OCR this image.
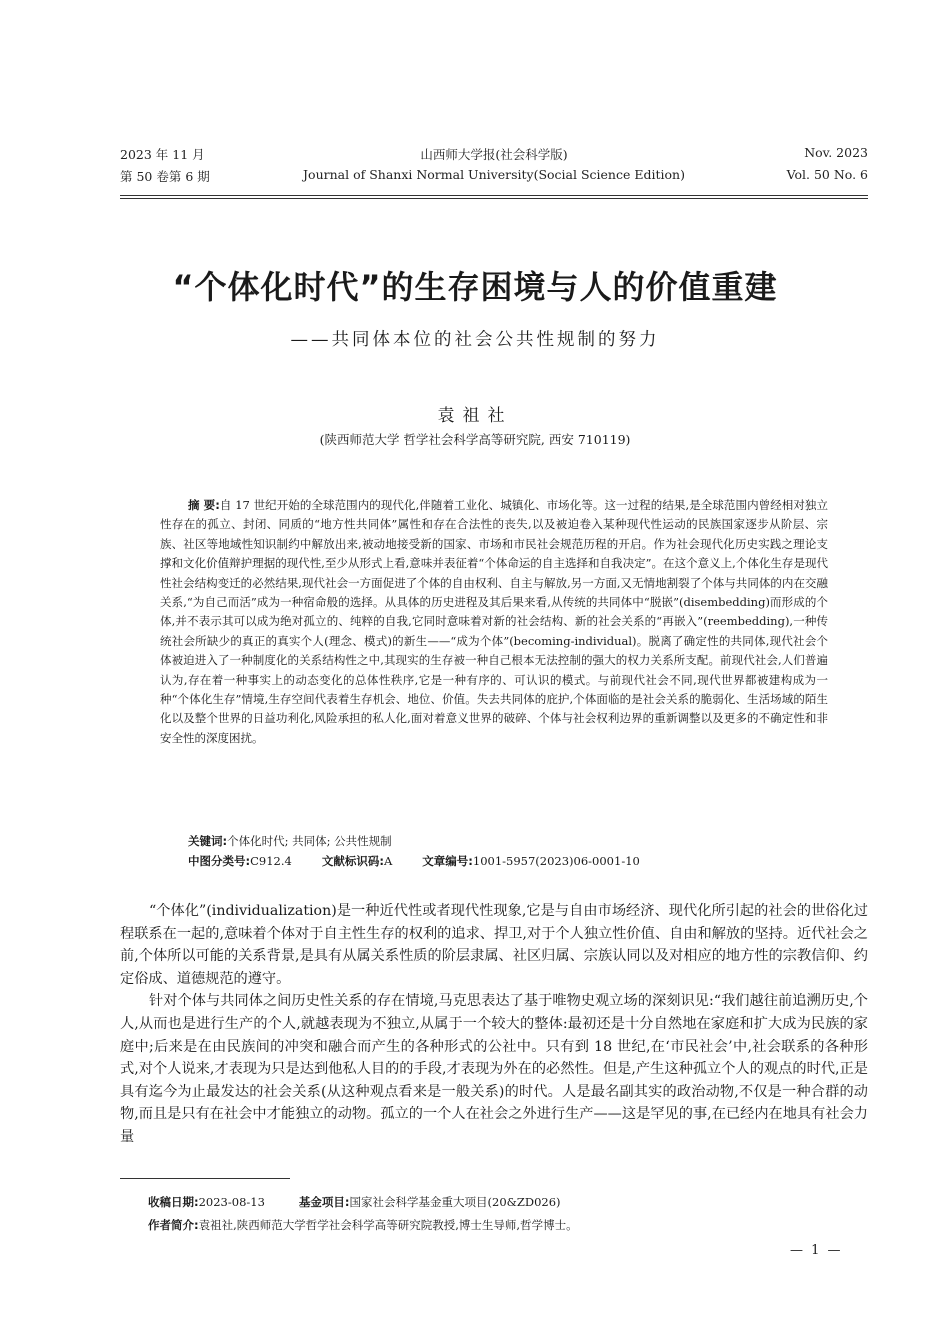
2023 年 11 月	山西师大学报(社会科学版)	Nov. 2023
第 50 卷第 6 期	Journal of Shanxi Normal University(Social Science Edition)	Vol. 50 No. 6
“个体化时代”的生存困境与人的价值重建
——共同体本位的社会公共性规制的努力
袁祖社
(陕西师范大学 哲学社会科学高等研究院, 西安 710119)

摘 要:自 17 世纪开始的全球范围内的现代化,伴随着工业化、城镇化、市场化等。这一过程的结果,是全球范围内曾经相对独立性存在的孤立、封闭、同质的“地方性共同体”属性和存在合法性的丧失,以及被迫卷入某种现代性运动的民族国家逐步从阶层、宗族、社区等地域性知识制约中解放出来,被动地接受新的国家、市场和市民社会规范历程的开启。作为社会现代化历史实践之理论支撑和文化价值辩护理据的现代性,至少从形式上看,意味并表征着“个体命运的自主选择和自我决定”。在这个意义上,个体化生存是现代性社会结构变迁的必然结果,现代社会一方面促进了个体的自由权利、自主与解放,另一方面,又无情地割裂了个体与共同体的内在交融关系,“为自己而活”成为一种宿命般的选择。从具体的历史进程及其后果来看,从传统的共同体中“脱嵌”(disembedding)而形成的个体,并不表示其可以成为绝对孤立的、纯粹的自我,它同时意味着对新的社会结构、新的社会关系的“再嵌入”(reembedding),一种传统社会所缺少的真正的真实个人(理念、模式)的新生——“成为个体”(becoming-individual)。脱离了确定性的共同体,现代社会个体被迫进入了一种制度化的关系结构性之中,其现实的生存被一种自己根本无法控制的强大的权力关系所支配。前现代社会,人们普遍认为,存在着一种事实上的动态变化的总体性秩序,它是一种有序的、可认识的模式。与前现代社会不同,现代世界都被建构成为一种“个体化生存”情境,生存空间代表着生存机会、地位、价值。失去共同体的庇护,个体面临的是社会关系的脆弱化、生活场域的陌生化以及整个世界的日益功利化,风险承担的私人化,面对着意义世界的破碎、个体与社会权利边界的重新调整以及更多的不确定性和非安全性的深度困扰。

关键词:个体化时代; 共同体; 公共性规制
中图分类号:C912.4	文献标识码:A	文章编号:1001-5957(2023)06-0001-10

“个体化”(individualization)是一种近代性或者现代性现象,它是与自由市场经济、现代化所引起的社会的世俗化过程联系在一起的,意味着个体对于自主性生存的权利的追求、捍卫,对于个人独立性价值、自由和解放的坚持。近代社会之前,个体所以可能的关系背景,是具有从属关系性质的阶层隶属、社区归属、宗族认同以及对相应的地方性的宗教信仰、约定俗成、道德规范的遵守。

针对个体与共同体之间历史性关系的存在情境,马克思表达了基于唯物史观立场的深刻识见:“我们越往前追溯历史,个人,从而也是进行生产的个人,就越表现为不独立,从属于一个较大的整体:最初还是十分自然地在家庭和扩大成为民族的家庭中;后来是在由民族间的冲突和融合而产生的各种形式的公社中。只有到 18 世纪,在‘市民社会’中,社会联系的各种形式,对个人说来,才表现为只是达到他私人目的的手段,才表现为外在的必然性。但是,产生这种孤立个人的观点的时代,正是具有迄今为止最发达的社会关系(从这种观点看来是一般关系)的时代。人是最名副其实的政治动物,不仅是一种合群的动物,而且是只有在社会中才能独立的动物。孤立的一个人在社会之外进行生产——这是罕见的事,在已经内在地具有社会力量

收稿日期:2023-08-13	基金项目:国家社会科学基金重大项目(20&ZD026)
作者简介:袁祖社,陕西师范大学哲学社会科学高等研究院教授,博士生导师,哲学博士。
— 1 —
